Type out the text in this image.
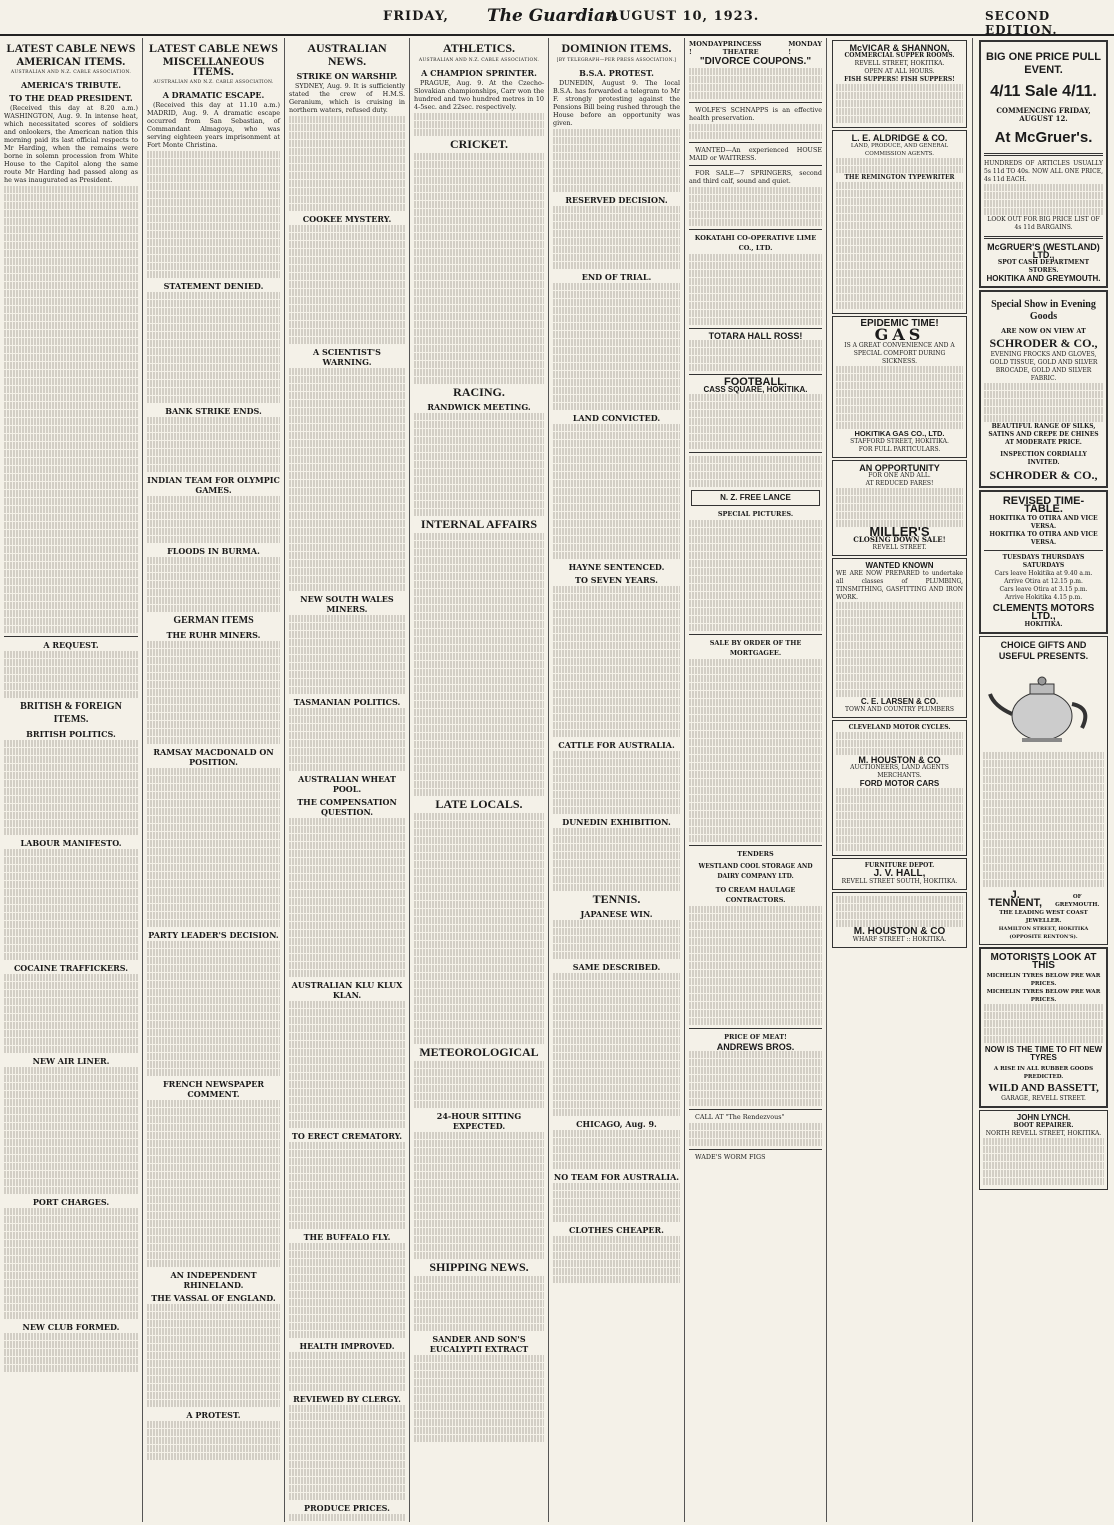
FRIDAY, The Guardian
AUGUST 10, 1923.	SECOND EDITION.
LATEST CABLE NEWS
AMERICAN ITEMS.
AUSTRALIAN AND N.Z. CABLE ASSOCIATION.
AMERICA'S TRIBUTE.
TO THE DEAD PRESIDENT.

(Received this day at 8.20 a.m.) WASHINGTON, Aug. 9. In intense heat, which necessitated scores of soldiers and onlookers, the American nation this morning paid its last official respects to Mr Harding, when the remains were borne in solemn procession from White House to the Capitol along the same route Mr Harding had passed along as he was inaugurated as President.

A REQUEST.
BRITISH & FOREIGN ITEMS.
BRITISH POLITICS.
LABOUR MANIFESTO.
COCAINE TRAFFICKERS.
NEW AIR LINER.
PORT CHARGES.
NEW CLUB FORMED.
LATEST CABLE NEWS
MISCELLANEOUS ITEMS.
AUSTRALIAN AND N.Z. CABLE ASSOCIATION.
A DRAMATIC ESCAPE.

(Received this day at 11.10 a.m.) MADRID, Aug. 9. A dramatic escape occurred from San Sebastian, of Commandant Almagoya, who was serving eighteen years imprisonment at Fort Monte Christina.

STATEMENT DENIED.
BANK STRIKE ENDS.
INDIAN TEAM FOR OLYMPIC GAMES.
FLOODS IN BURMA.
GERMAN ITEMS
THE RUHR MINERS.
RAMSAY MACDONALD ON POSITION.
PARTY LEADER'S DECISION.
FRENCH NEWSPAPER COMMENT.
AN INDEPENDENT RHINELAND.
THE VASSAL OF ENGLAND.
A PROTEST.
AUSTRALIAN NEWS.
STRIKE ON WARSHIP.

SYDNEY, Aug. 9. It is sufficiently stated the crew of H.M.S. Geranium, which is cruising in northern waters, refused duty.

COOKEE MYSTERY.
A SCIENTIST'S WARNING.
NEW SOUTH WALES MINERS.
TASMANIAN POLITICS.
AUSTRALIAN WHEAT POOL.
THE COMPENSATION QUESTION.
AUSTRALIAN KLU KLUX KLAN.
TO ERECT CREMATORY.
THE BUFFALO FLY.
HEALTH IMPROVED.
REVIEWED BY CLERGY.
PRODUCE PRICES.
ATHLETICS.
AUSTRALIAN AND N.Z. CABLE ASSOCIATION.
A CHAMPION SPRINTER.

PRAGUE, Aug. 9. At the Czecho-Slovakian championships, Carr won the hundred and two hundred metres in 10 4-5sec. and 22sec. respectively.

CRICKET.
RACING.
RANDWICK MEETING.
INTERNAL AFFAIRS
LATE LOCALS.
METEOROLOGICAL
24-HOUR SITTING EXPECTED.
SHIPPING NEWS.
SANDER AND SON'S EUCALYPTI EXTRACT
DOMINION ITEMS.
[BY TELEGRAPH—PER PRESS ASSOCIATION.]
B.S.A. PROTEST.

DUNEDIN, August 9. The local B.S.A. has forwarded a telegram to Mr F. strongly protesting against the Pensions Bill being rushed through the House before an opportunity was given.

RESERVED DECISION.
END OF TRIAL.
LAND CONVICTED.
HAYNE SENTENCED.
TO SEVEN YEARS.
CATTLE FOR AUSTRALIA.
DUNEDIN EXHIBITION.
TENNIS.
JAPANESE WIN.
SAME DESCRIBED.
CHICAGO, Aug. 9.
NO TEAM FOR AUSTRALIA.
CLOTHES CHEAPER.
MONDAY !
PRINCESS THEATRE
MONDAY !
"DIVORCE COUPONS."

WOLFE'S SCHNAPPS is an effective health preservation.

WANTED—An experienced HOUSE MAID or WAITRESS.

FOR SALE—7 SPRINGERS, second and third calf, sound and quiet.

KOKATAHI CO-OPERATIVE LIME CO., LTD.
TOTARA HALL ROSS!
FOOTBALL.
CASS SQUARE, HOKITIKA.
N. Z. FREE LANCE
SPECIAL PICTURES.
SALE BY ORDER OF THE MORTGAGEE.
TENDERS
WESTLAND COOL STORAGE AND DAIRY COMPANY LTD.
TO CREAM HAULAGE CONTRACTORS.
PRICE OF MEAT!
ANDREWS BROS.

CALL AT "The Rendezvous"

WADE'S WORM FIGS

McVICAR & SHANNON,
COMMERCIAL SUPPER ROOMS.
REVELL STREET, HOKITIKA.
OPEN AT ALL HOURS.
FISH SUPPERS! FISH SUPPERS!
L. E. ALDRIDGE & CO.
LAND, PRODUCE, AND GENERAL COMMISSION AGENTS.
THE REMINGTON TYPEWRITER
EPIDEMIC TIME!
GAS
IS A GREAT CONVENIENCE AND A SPECIAL COMFORT DURING SICKNESS.
HOKITIKA GAS CO., LTD.
STAFFORD STREET, HOKITIKA.
FOR FULL PARTICULARS.
AN OPPORTUNITY
FOR ONE AND ALL.
AT REDUCED FARES!
MILLER'S
CLOSING DOWN SALE!
REVELL STREET.
WANTED KNOWN
WE ARE NOW PREPARED to undertake all classes of PLUMBING, TINSMITHING, GASFITTING AND IRON WORK.
C. E. LARSEN & CO.
TOWN AND COUNTRY PLUMBERS
CLEVELAND MOTOR CYCLES.
M. HOUSTON & CO
AUCTIONEERS, LAND AGENTS MERCHANTS.
FORD MOTOR CARS
FURNITURE DEPOT.
J. V. HALL,
REVELL STREET SOUTH, HOKITIKA.
M. HOUSTON & CO
WHARF STREET :: HOKITIKA.
BIG ONE PRICE PULL EVENT.
4/11 Sale 4/11.
COMMENCING FRIDAY, AUGUST 12.
At McGruer's.
HUNDREDS OF ARTICLES USUALLY 5s 11d TO 40s. NOW ALL ONE PRICE, 4s 11d EACH.
LOOK OUT FOR BIG PRICE LIST OF 4s 11d BARGAINS.
McGRUER'S (WESTLAND) LTD.,
SPOT CASH DEPARTMENT STORES.
HOKITIKA AND GREYMOUTH.
Special Show in Evening Goods
ARE NOW ON VIEW AT
SCHRODER & CO.,
EVENING FROCKS AND GLOVES, GOLD TISSUE, GOLD AND SILVER BROCADE, GOLD AND SILVER FABRIC.
BEAUTIFUL RANGE OF SILKS, SATINS AND CREPE DE CHINES AT MODERATE PRICE.
INSPECTION CORDIALLY INVITED.
SCHRODER & CO.,
REVISED TIME-TABLE.
HOKITIKA TO OTIRA AND VICE VERSA.
HOKITIKA TO OTIRA AND VICE VERSA.
TUESDAYS THURSDAYS SATURDAYS
Cars leave Hokitika at 9.40 a.m.
Arrive Otira at 12.15 p.m.
Cars leave Otira at 3.15 p.m.
Arrive Hokitika 4.15 p.m.
CLEMENTS MOTORS LTD.,
HOKITIKA.
CHOICE GIFTS AND USEFUL PRESENTS.
J. TENNENT,	OF GREYMOUTH.
THE LEADING WEST COAST JEWELLER.
HAMILTON STREET, HOKITIKA (OPPOSITE RENTON'S).
MOTORISTS LOOK AT THIS
MICHELIN TYRES BELOW PRE WAR PRICES.
MICHELIN TYRES BELOW PRE WAR PRICES.
NOW IS THE TIME TO FIT NEW TYRES
A RISE IN ALL RUBBER GOODS PREDICTED.
WILD AND BASSETT,
GARAGE, REVELL STREET.
JOHN LYNCH.
BOOT REPAIRER.
NORTH REVELL STREET, HOKITIKA.
